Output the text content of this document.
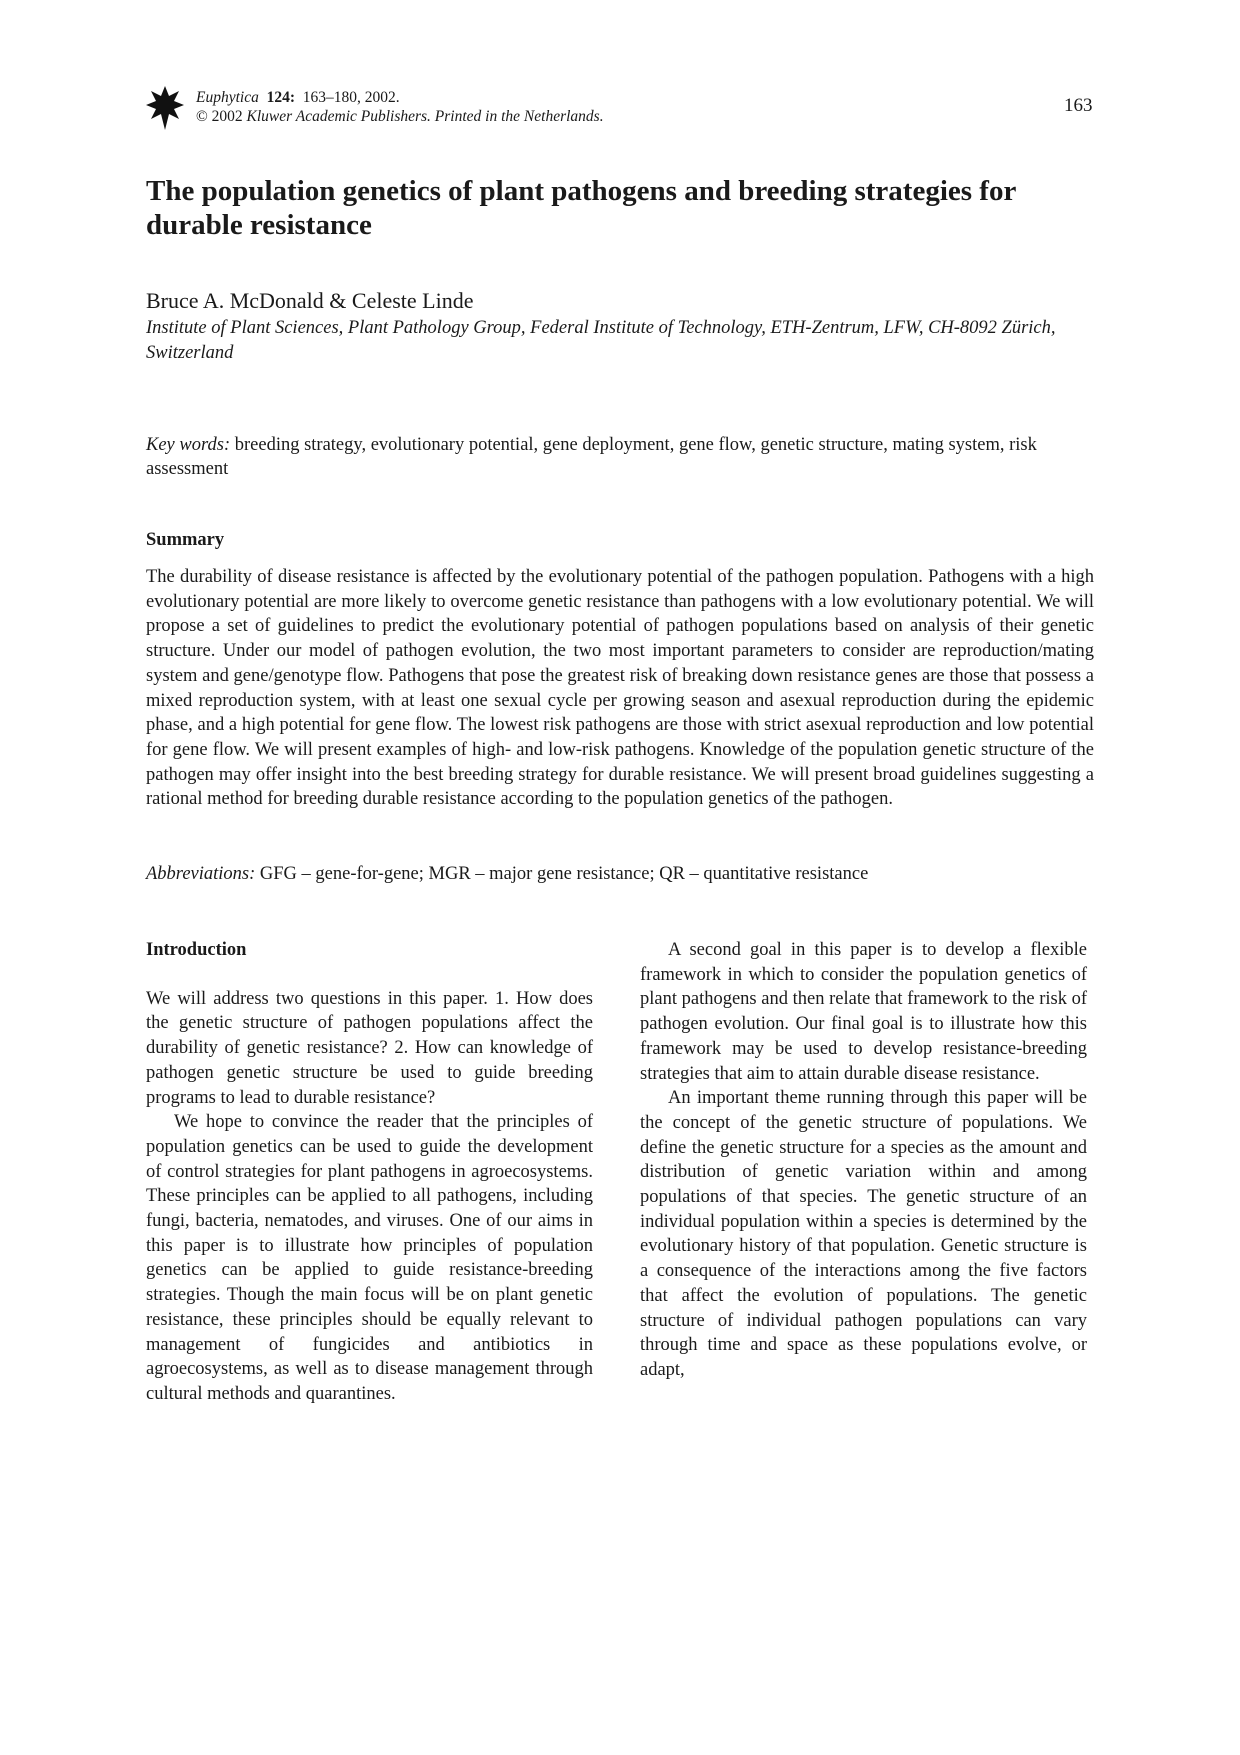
Euphytica 124: 163–180, 2002.
© 2002 Kluwer Academic Publishers. Printed in the Netherlands.
163
The population genetics of plant pathogens and breeding strategies for durable resistance
Bruce A. McDonald & Celeste Linde
Institute of Plant Sciences, Plant Pathology Group, Federal Institute of Technology, ETH-Zentrum, LFW, CH-8092 Zürich, Switzerland
Key words: breeding strategy, evolutionary potential, gene deployment, gene flow, genetic structure, mating system, risk assessment
Summary

The durability of disease resistance is affected by the evolutionary potential of the pathogen population. Pathogens with a high evolutionary potential are more likely to overcome genetic resistance than pathogens with a low evolutionary potential. We will propose a set of guidelines to predict the evolutionary potential of pathogen populations based on analysis of their genetic structure. Under our model of pathogen evolution, the two most important parameters to consider are reproduction/mating system and gene/genotype flow. Pathogens that pose the greatest risk of breaking down resistance genes are those that possess a mixed reproduction system, with at least one sexual cycle per growing season and asexual reproduction during the epidemic phase, and a high potential for gene flow. The lowest risk pathogens are those with strict asexual reproduction and low potential for gene flow. We will present examples of high- and low-risk pathogens. Knowledge of the population genetic structure of the pathogen may offer insight into the best breeding strategy for durable resistance. We will present broad guidelines suggesting a rational method for breeding durable resistance according to the population genetics of the pathogen.

Abbreviations: GFG – gene-for-gene; MGR – major gene resistance; QR – quantitative resistance
Introduction

We will address two questions in this paper. 1. How does the genetic structure of pathogen populations affect the durability of genetic resistance? 2. How can knowledge of pathogen genetic structure be used to guide breeding programs to lead to durable resistance?

We hope to convince the reader that the principles of population genetics can be used to guide the development of control strategies for plant pathogens in agroecosystems. These principles can be applied to all pathogens, including fungi, bacteria, nematodes, and viruses. One of our aims in this paper is to illustrate how principles of population genetics can be applied to guide resistance-breeding strategies. Though the main focus will be on plant genetic resistance, these principles should be equally relevant to management of fungicides and antibiotics in agroecosystems, as well as to disease management through cultural methods and quarantines.

A second goal in this paper is to develop a flexible framework in which to consider the population genetics of plant pathogens and then relate that framework to the risk of pathogen evolution. Our final goal is to illustrate how this framework may be used to develop resistance-breeding strategies that aim to attain durable disease resistance.

An important theme running through this paper will be the concept of the genetic structure of populations. We define the genetic structure for a species as the amount and distribution of genetic variation within and among populations of that species. The genetic structure of an individual population within a species is determined by the evolutionary history of that population. Genetic structure is a consequence of the interactions among the five factors that affect the evolution of populations. The genetic structure of individual pathogen populations can vary through time and space as these populations evolve, or adapt,
